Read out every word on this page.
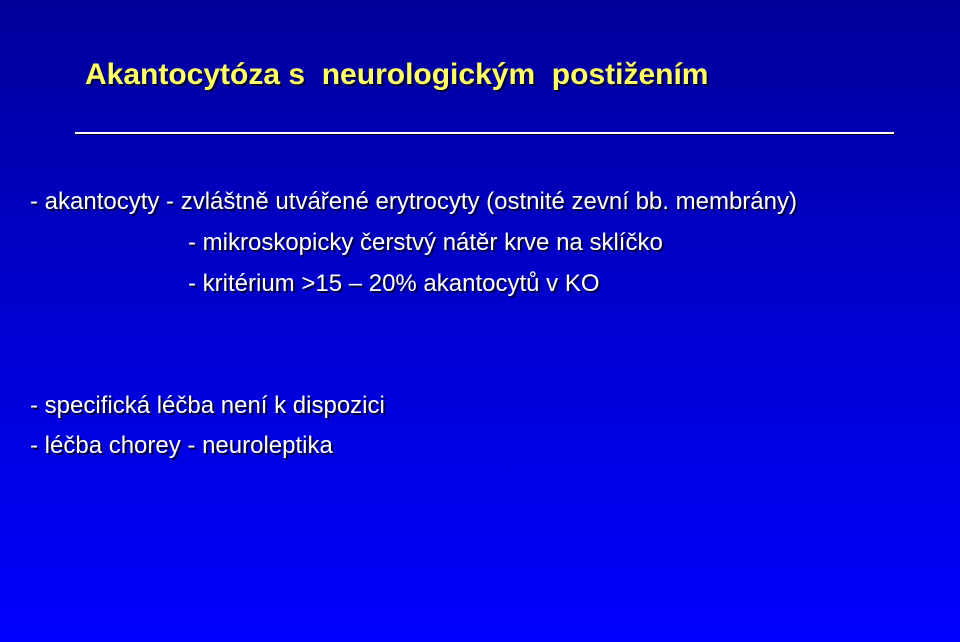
Akantocytóza s  neurologickým  postižením
- akantocyty - zvláštně utvářené erytrocyty (ostnité zevní bb. membrány)
- mikroskopicky čerstvý nátěr krve na sklíčko
- kritérium >15 – 20% akantocytů v KO
- specifická léčba není k dispozici
- léčba chorey - neuroleptika
